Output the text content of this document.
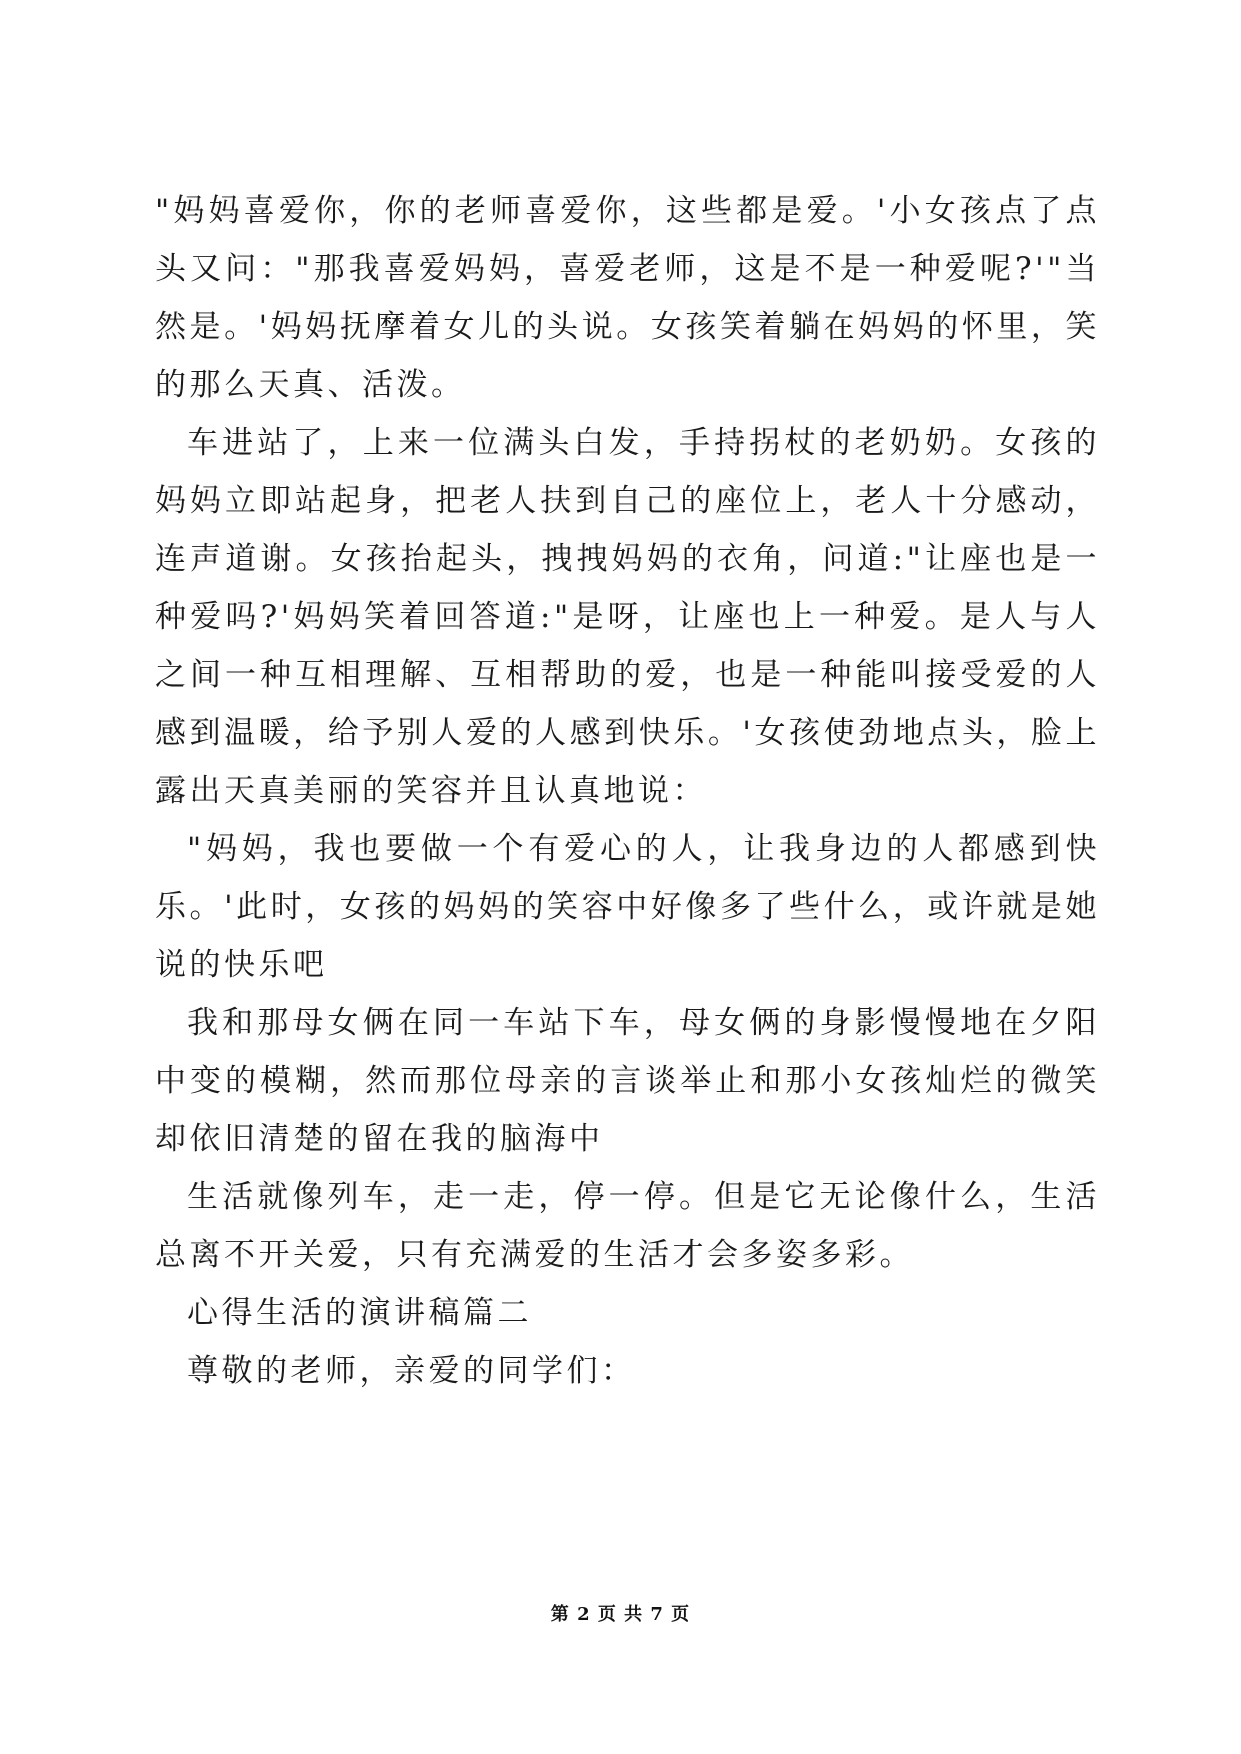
"妈妈喜爱你，你的老师喜爱你，这些都是爱。'小女孩点了点头又问："那我喜爱妈妈，喜爱老师，这是不是一种爱呢?'"当然是。'妈妈抚摩着女儿的头说。女孩笑着躺在妈妈的怀里，笑的那么天真、活泼。

车进站了，上来一位满头白发，手持拐杖的老奶奶。女孩的妈妈立即站起身，把老人扶到自己的座位上，老人十分感动，连声道谢。女孩抬起头，拽拽妈妈的衣角，问道:"让座也是一种爱吗?'妈妈笑着回答道:"是呀，让座也上一种爱。是人与人之间一种互相理解、互相帮助的爱，也是一种能叫接受爱的人感到温暖，给予别人爱的人感到快乐。'女孩使劲地点头，脸上露出天真美丽的笑容并且认真地说：

"妈妈，我也要做一个有爱心的人，让我身边的人都感到快乐。'此时，女孩的妈妈的笑容中好像多了些什么，或许就是她说的快乐吧

我和那母女俩在同一车站下车，母女俩的身影慢慢地在夕阳中变的模糊，然而那位母亲的言谈举止和那小女孩灿烂的微笑却依旧清楚的留在我的脑海中

生活就像列车，走一走，停一停。但是它无论像什么，生活总离不开关爱，只有充满爱的生活才会多姿多彩。

心得生活的演讲稿篇二

尊敬的老师，亲爱的同学们：

第 2 页 共 7 页
